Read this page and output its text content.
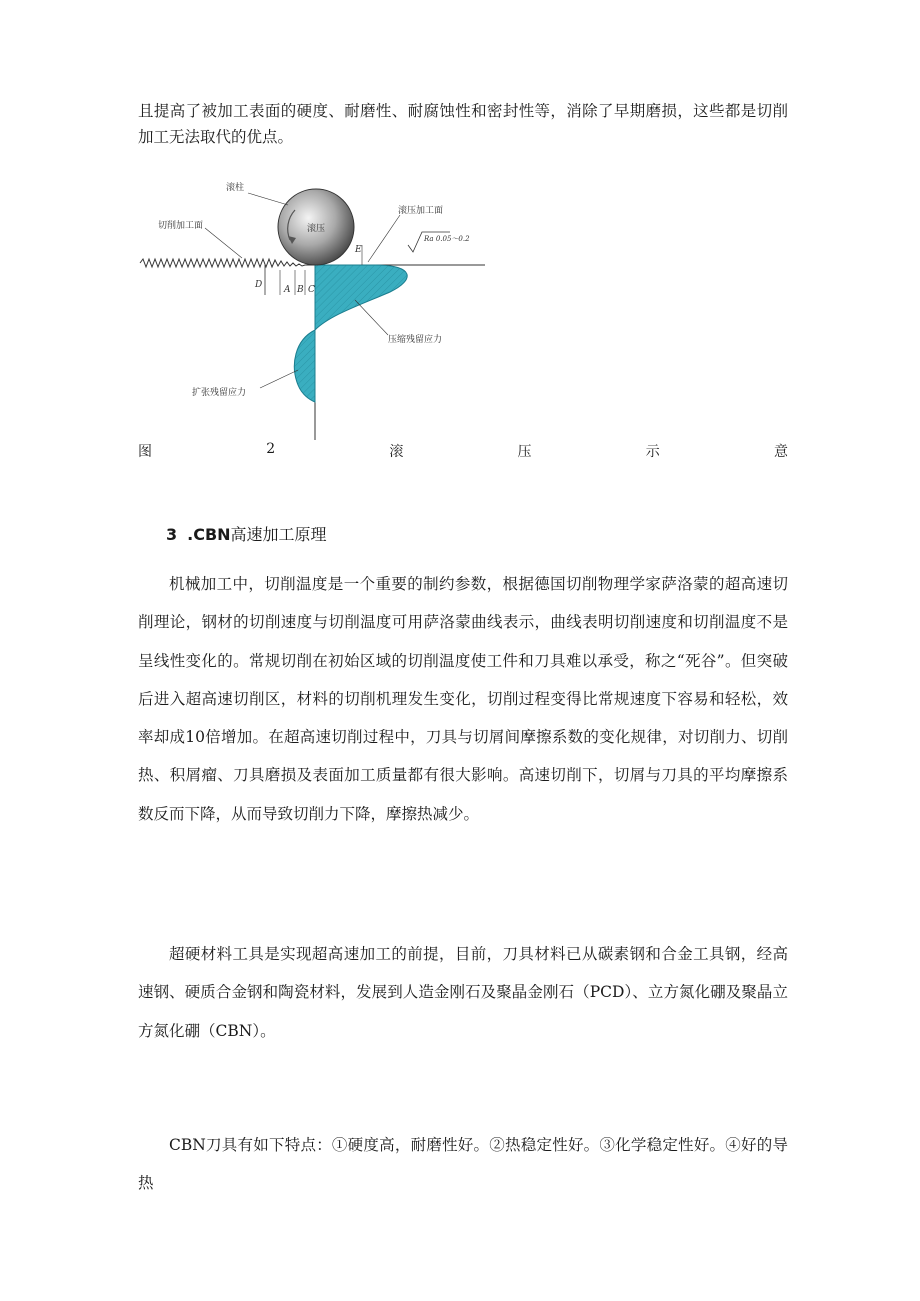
且提高了被加工表面的硬度、耐磨性、耐腐蚀性和密封性等，消除了早期磨损，这些都是切削加工无法取代的优点。

滚柱
滚压
切削加工面
滚压加工面
Ra 0.05～0.2
压缩残留应力
扩张残留应力
D A B C
E
图	2	滚	压	示	意
3 .CBN高速加工原理

机械加工中，切削温度是一个重要的制约参数，根据德国切削物理学家萨洛蒙的超高速切削理论，钢材的切削速度与切削温度可用萨洛蒙曲线表示，曲线表明切削速度和切削温度不是呈线性变化的。常规切削在初始区域的切削温度使工件和刀具难以承受，称之“死谷”。但突破后进入超高速切削区，材料的切削机理发生变化，切削过程变得比常规速度下容易和轻松，效率却成10倍增加。在超高速切削过程中，刀具与切屑间摩擦系数的变化规律，对切削力、切削热、积屑瘤、刀具磨损及表面加工质量都有很大影响。高速切削下，切屑与刀具的平均摩擦系数反而下降，从而导致切削力下降，摩擦热减少。

超硬材料工具是实现超高速加工的前提，目前，刀具材料已从碳素钢和合金工具钢，经高速钢、硬质合金钢和陶瓷材料，发展到人造金刚石及聚晶金刚石（PCD）、立方氮化硼及聚晶立方氮化硼（CBN）。

CBN刀具有如下特点：①硬度高，耐磨性好。②热稳定性好。③化学稳定性好。④好的导热
